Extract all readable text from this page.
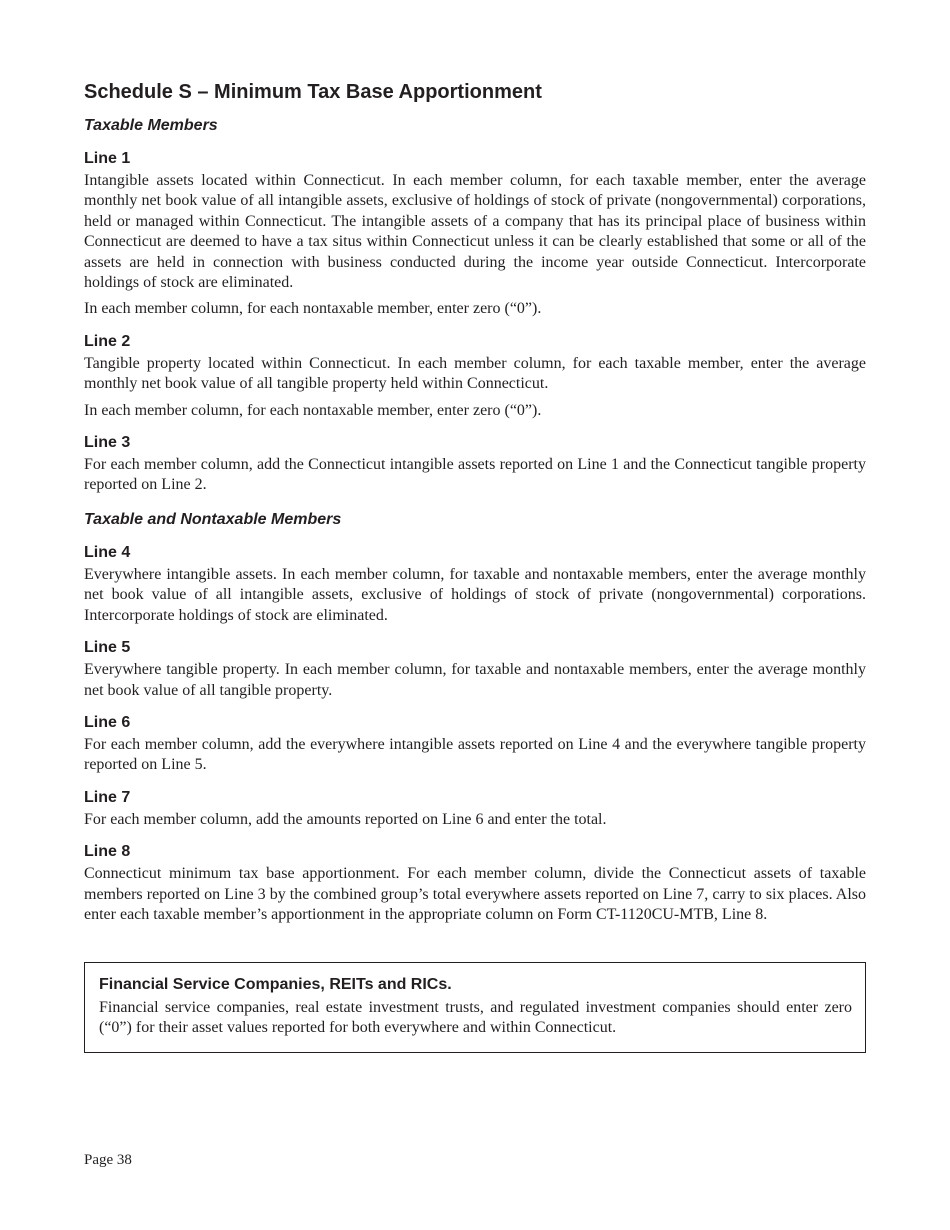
Schedule S – Minimum Tax Base Apportionment
Taxable Members
Line 1

Intangible assets located within Connecticut. In each member column, for each taxable member, enter the average monthly net book value of all intangible assets, exclusive of holdings of stock of private (nongovernmental) corporations, held or managed within Connecticut. The intangible assets of a company that has its principal place of business within Connecticut are deemed to have a tax situs within Connecticut unless it can be clearly established that some or all of the assets are held in connection with business conducted during the income year outside Connecticut. Intercorporate holdings of stock are eliminated.

In each member column, for each nontaxable member, enter zero (“0”).

Line 2

Tangible property located within Connecticut. In each member column, for each taxable member, enter the average monthly net book value of all tangible property held within Connecticut.

In each member column, for each nontaxable member, enter zero (“0”).

Line 3

For each member column, add the Connecticut intangible assets reported on Line 1 and the Connecticut tangible property reported on Line 2.

Taxable and Nontaxable Members
Line 4

Everywhere intangible assets. In each member column, for taxable and nontaxable members, enter the average monthly net book value of all intangible assets, exclusive of holdings of stock of private (nongovernmental) corporations. Intercorporate holdings of stock are eliminated.

Line 5

Everywhere tangible property. In each member column, for taxable and nontaxable members, enter the average monthly net book value of all tangible property.

Line 6

For each member column, add the everywhere intangible assets reported on Line 4 and the everywhere tangible property reported on Line 5.

Line 7

For each member column, add the amounts reported on Line 6 and enter the total.

Line 8

Connecticut minimum tax base apportionment. For each member column, divide the Connecticut assets of taxable members reported on Line 3 by the combined group’s total everywhere assets reported on Line 7, carry to six places. Also enter each taxable member’s apportionment in the appropriate column on Form CT-1120CU-MTB, Line 8.

Financial Service Companies, REITs and RICs.

Financial service companies, real estate investment trusts, and regulated investment companies should enter zero (“0”) for their asset values reported for both everywhere and within Connecticut.

Page 38
